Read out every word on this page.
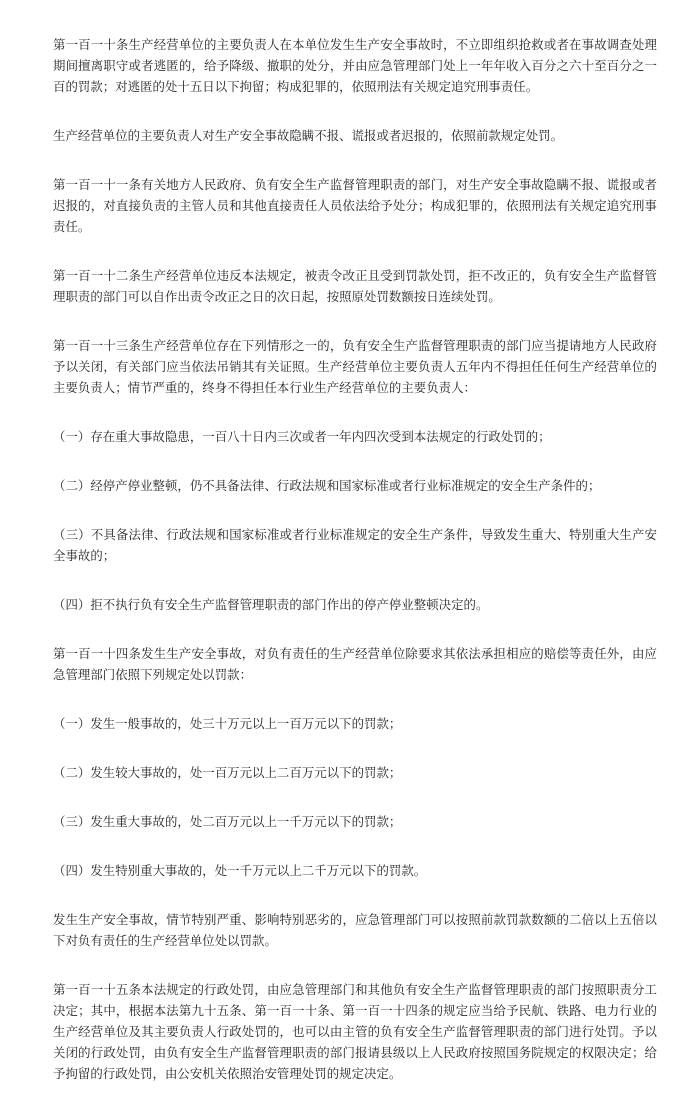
第一百一十条生产经营单位的主要负责人在本单位发生生产安全事故时，不立即组织抢救或者在事故调查处理期间擅离职守或者逃匿的，给予降级、撤职的处分，并由应急管理部门处上一年年收入百分之六十至百分之一百的罚款；对逃匿的处十五日以下拘留；构成犯罪的，依照刑法有关规定追究刑事责任。

生产经营单位的主要负责人对生产安全事故隐瞒不报、谎报或者迟报的，依照前款规定处罚。

第一百一十一条有关地方人民政府、负有安全生产监督管理职责的部门，对生产安全事故隐瞒不报、谎报或者迟报的，对直接负责的主管人员和其他直接责任人员依法给予处分；构成犯罪的，依照刑法有关规定追究刑事责任。

第一百一十二条生产经营单位违反本法规定，被责令改正且受到罚款处罚，拒不改正的，负有安全生产监督管理职责的部门可以自作出责令改正之日的次日起，按照原处罚数额按日连续处罚。

第一百一十三条生产经营单位存在下列情形之一的，负有安全生产监督管理职责的部门应当提请地方人民政府予以关闭，有关部门应当依法吊销其有关证照。生产经营单位主要负责人五年内不得担任任何生产经营单位的主要负责人；情节严重的，终身不得担任本行业生产经营单位的主要负责人：

（一）存在重大事故隐患，一百八十日内三次或者一年内四次受到本法规定的行政处罚的；

（二）经停产停业整顿，仍不具备法律、行政法规和国家标准或者行业标准规定的安全生产条件的；

（三）不具备法律、行政法规和国家标准或者行业标准规定的安全生产条件，导致发生重大、特别重大生产安全事故的；

（四）拒不执行负有安全生产监督管理职责的部门作出的停产停业整顿决定的。

第一百一十四条发生生产安全事故，对负有责任的生产经营单位除要求其依法承担相应的赔偿等责任外，由应急管理部门依照下列规定处以罚款：

（一）发生一般事故的，处三十万元以上一百万元以下的罚款；

（二）发生较大事故的，处一百万元以上二百万元以下的罚款；

（三）发生重大事故的，处二百万元以上一千万元以下的罚款；

（四）发生特别重大事故的，处一千万元以上二千万元以下的罚款。

发生生产安全事故，情节特别严重、影响特别恶劣的，应急管理部门可以按照前款罚款数额的二倍以上五倍以下对负有责任的生产经营单位处以罚款。

第一百一十五条本法规定的行政处罚，由应急管理部门和其他负有安全生产监督管理职责的部门按照职责分工决定；其中，根据本法第九十五条、第一百一十条、第一百一十四条的规定应当给予民航、铁路、电力行业的生产经营单位及其主要负责人行政处罚的，也可以由主管的负有安全生产监督管理职责的部门进行处罚。予以关闭的行政处罚，由负有安全生产监督管理职责的部门报请县级以上人民政府按照国务院规定的权限决定；给予拘留的行政处罚，由公安机关依照治安管理处罚的规定决定。
